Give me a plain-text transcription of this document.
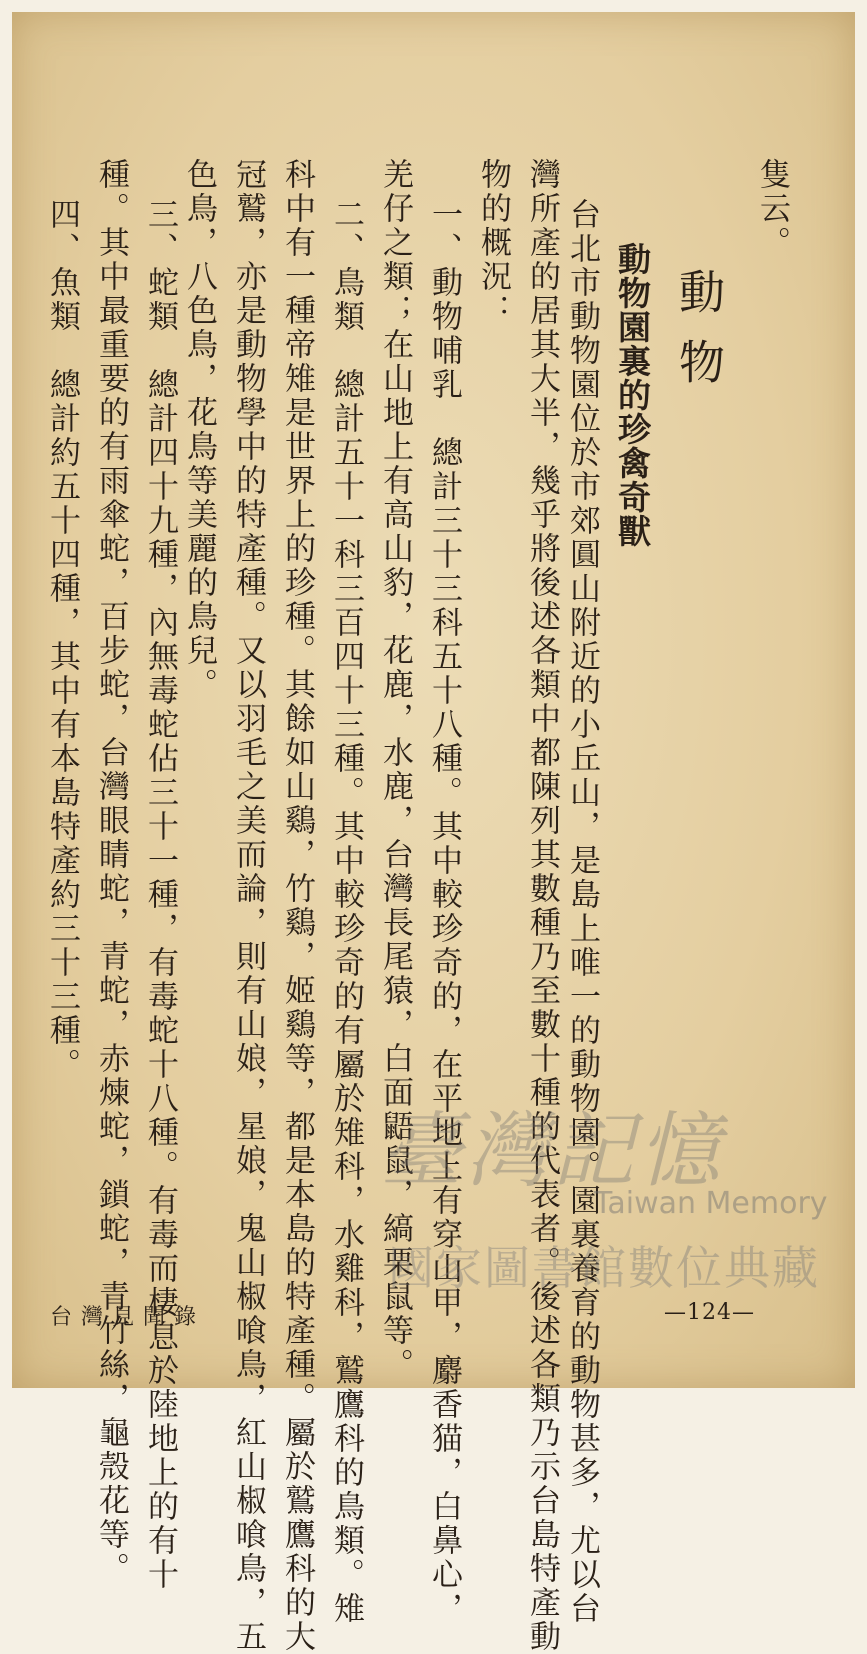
隻云。
動物
動物園裏的珍禽奇獸
台北市動物園位於市郊圓山附近的小丘山，是島上唯一的動物園。園裏養育的動物甚多，尤以台
灣所產的居其大半，幾乎將後述各類中都陳列其數種乃至數十種的代表者。後述各類乃示台島特產動
物的概況：
一、動物哺乳　總計三十三科五十八種。其中較珍奇的，在平地上有穿山甲，麝香猫，白鼻心，
羌仔之類；在山地上有高山豹，花鹿，水鹿，台灣長尾猿，白面鼯鼠，縞栗鼠等。
二、鳥類　總計五十一科三百四十三種。其中較珍奇的有屬於雉科，水雞科，鷲鷹科的鳥類。雉
科中有一種帝雉是世界上的珍種。其餘如山鷄，竹鷄，姬鷄等，都是本島的特產種。屬於鷲鷹科的大
冠鷲，亦是動物學中的特產種。又以羽毛之美而論，則有山娘，星娘，鬼山椒喰鳥，紅山椒喰鳥，五
色鳥，八色鳥，花鳥等美麗的鳥兒。
三、蛇類　總計四十九種，內無毒蛇佔三十一種，有毒蛇十八種。有毒而棲息於陸地上的有十
種。其中最重要的有雨傘蛇，百步蛇，台灣眼睛蛇，青蛇，赤煉蛇，鎖蛇，青竹絲，龜殼花等。
四、魚類　總計約五十四種，其中有本島特產約三十三種。
臺灣記憶
Taiwan Memory
國家圖書館數位典藏
台灣見聞錄	—124—
